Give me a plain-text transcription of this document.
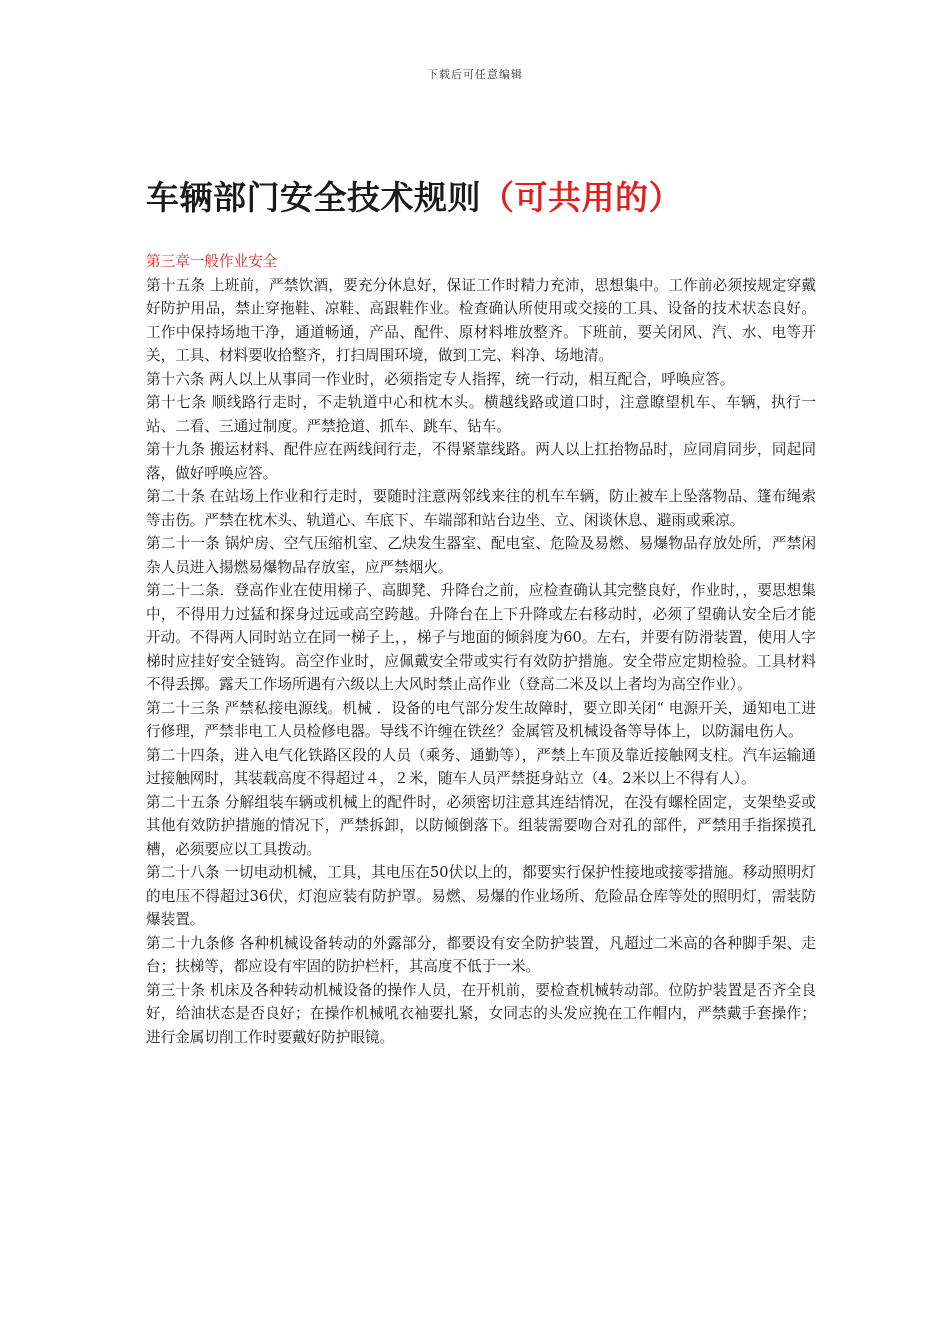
下载后可任意编辑
车辆部门安全技术规则（可共用的）

第三章一般作业安全

第十五条 上班前，严禁饮酒，要充分休息好，保证工作时精力充沛，思想集中。工作前必须按规定穿戴好防护用品，禁止穿拖鞋、凉鞋、高跟鞋作业。检查确认所使用或交接的工具、设备的技术状态良好。工作中保持场地干净，通道畅通，产品、配件、原材料堆放整齐。下班前，要关闭风、汽、水、电等开关，工具、材料要收拾整齐，打扫周围环境，做到工完、料净、场地清。

第十六条 两人以上从事同一作业时，必须指定专人指挥，统一行动，相互配合，呼唤应答。

第十七条 顺线路行走时，不走轨道中心和枕木头。横越线路或道口时，注意瞭望机车、车辆，执行一站、二看、三通过制度。严禁抢道、抓车、跳车、钻车。

第十九条 搬运材料、配件应在两线间行走，不得紧靠线路。两人以上扛抬物品时，应同肩同步，同起同落，做好呼唤应答。

第二十条 在站场上作业和行走时，要随时注意两邻线来往的机车车辆，防止被车上坠落物品、篷布绳索等击伤。严禁在枕木头、轨道心、车底下、车端部和站台边坐、立、闲谈休息、避雨或乘凉。

第二十一条 锅炉房、空气压缩机室、乙炔发生器室、配电室、危险及易燃、易爆物品存放处所，严禁闲杂人员进入揚燃易爆物品存放室，应严禁烟火。

第二十二条．登高作业在使用梯子、高脚凳、升降台之前，应检查确认其完整良好，作业时，，要思想集中，不得用力过猛和探身过远或高空跨越。升降台在上下升降或左右移动时，必须了望确认安全后才能开动。不得两人同时站立在同一梯子上，，梯子与地面的倾斜度为60。左右，并要有防滑装置，使用人字梯时应挂好安全链钩。高空作业时，应佩戴安全带或实行有效防护措施。安全带应定期检验。工具材料不得丢掷。露天工作场所遇有六级以上大风时禁止高作业（登高二米及以上者均为高空作业）。

第二十三条 严禁私接电源线。机械 ．设备的电气部分发生故障时，要立即关闭“ 电源开关，通知电工进行修理，严禁非电工人员检修电器。导线不许缠在铁丝？金属管及机械设备等导体上，以防漏电伤人。

第二十四条，进入电气化铁路区段的人员（乘务、通勤等），严禁上车顶及靠近接触网支柱。汽车运输通过接触网时，其装载高度不得超过４，２米，随车人员严禁挺身站立（4。2米以上不得有人）。

第二十五条 分解组装车辆或机械上的配件时，必须密切注意其连结情况，在没有螺栓固定，支架垫妥或其他有效防护措施的情况下，严禁拆卸，以防倾倒落下。组装需要吻合对孔的部件，严禁用手指探摸孔槽，必须要应以工具拨动。

第二十八条 一切电动机械，工具，其电压在50伏以上的，都要实行保护性接地或接零措施。移动照明灯的电压不得超过36伏，灯泡应装有防护罩。易燃、易爆的作业场所、危险品仓库等处的照明灯，需装防爆装置。

第二十九条修 各种机械设备转动的外露部分，都要设有安全防护装置，凡超过二米高的各种脚手架、走台；扶梯等，都应设有牢固的防护栏杆，其高度不低于一米。

第三十条 机床及各种转动机械设备的操作人员，在开机前，要检查机械转动部。位防护装置是否齐全良好，给油状态是否良好；在操作机械吼衣袖要扎紧，女同志的头发应挽在工作帽内，严禁戴手套操作；进行金属切削工作时要戴好防护眼镜。
